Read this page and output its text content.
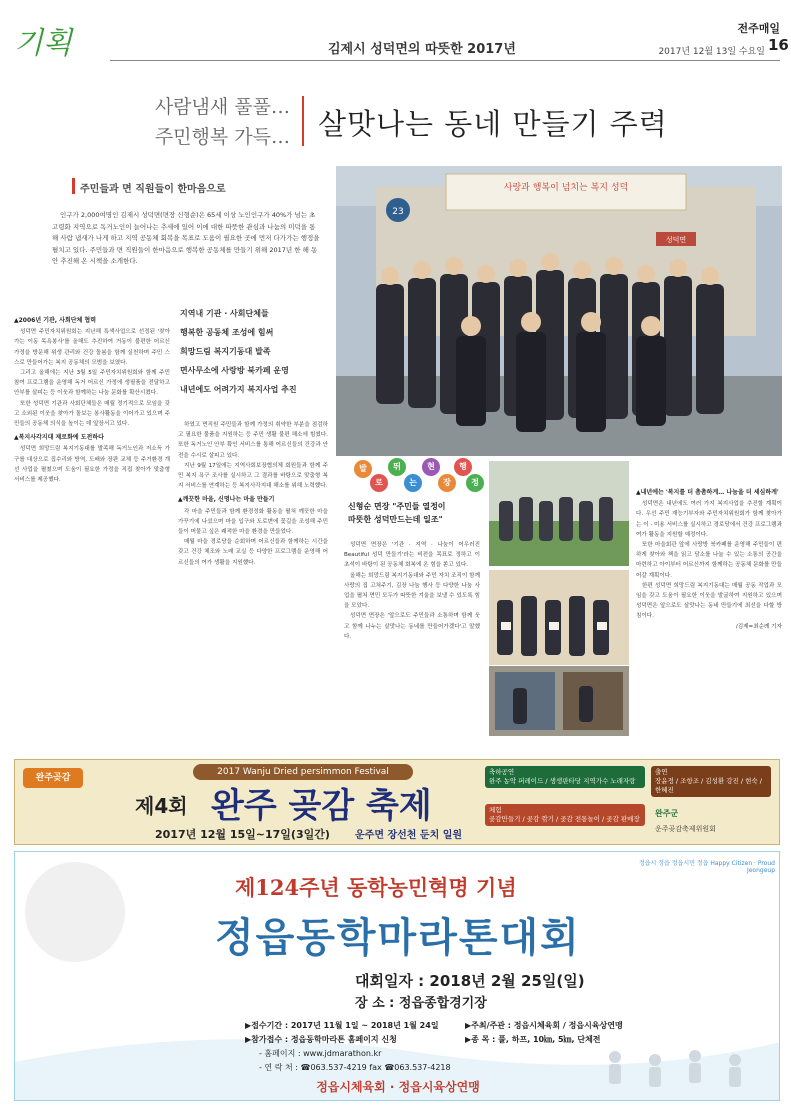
기획	김제시 성덕면의 따뜻한 2017년
전주매일
2017년 12월 13일 수요일 16
사람냄새 풀풀…
주민행복 가득… 살맛나는 동네 만들기 주력
주민들과 면 직원들이 한마음으로
인구가 2,000여명인 김제시 성덕면(면장 신형순)은 65세 이상 노인인구가 40%가 넘는 초고령화 지역으로 독거노인이 늘어나는 추세에 있어 이에 대한 따뜻한 관심과 나눔의 미덕을 통해 사람 냄새가 나게 하고 지역 공동체 회복을 목표로 도움이 필요한 곳에 먼저 다가가는 행정을 펼치고 있다. 주민들과 면 직원들이 한마음으로 행복한 공동체를 만들기 위해 2017년 한 해 동안 추진해 온 시책을 소개한다.
사랑과 행복이 넘치는 복지 성덕
성덕면
23
지역내 기관 · 사회단체들
행복한 공동체 조성에 힘써
희망드림 복지기동대 발족
면사무소에 사랑방 북카페 운영
내년에도 어려가지 복지사업 추진
▲2006년 기관, 사회단체 협력

성덕면 주민자치위원회는 지난해 특색사업으로 선정된 '찾아가는 이동 목욕봉사'를 올해도 추진하여 거동이 불편한 어르신 가정을 방문해 위생 관리와 건강 돌봄을 함께 실천하며 주민 스스로 만들어가는 복지 공동체의 모범을 보였다.

그리고 올해에는 지난 3월 5일 주민자치위원회와 함께 주민 참여 프로그램을 운영해 독거 어르신 가정에 생필품을 전달하고 안부를 살피는 등 이웃과 함께하는 나눔 문화를 확산시켰다.

또한 성덕면 기관과 사회단체들은 매월 정기적으로 모임을 갖고 소외된 이웃을 찾아가 돌보는 봉사활동을 이어가고 있으며 주민들의 공동체 의식을 높이는 데 앞장서고 있다.

▲복지사각지대 제로화에 도전하다

성덕면 희망드림 복지기동대를 발족해 독거노인과 저소득 가구를 대상으로 집수리와 방역, 도배와 장판 교체 등 주거환경 개선 사업을 펼쳤으며 도움이 필요한 가정을 직접 찾아가 맞춤형 서비스를 제공했다.

하였고 면직원 주민들과 함께 가정의 취약한 부분을 점검하고 필요한 물품을 지원하는 등 주민 생활 불편 해소에 힘썼다. 또한 독거노인 안부 확인 서비스를 통해 어르신들의 건강과 안전을 수시로 살피고 있다.

지난 9월 17일에는 지역사회보장협의체 회원들과 함께 주민 복지 욕구 조사를 실시하고 그 결과를 바탕으로 맞춤형 복지 서비스를 연계하는 등 복지사각지대 해소를 위해 노력했다.

▲깨끗한 마을, 신명나는 마을 만들기

각 마을 주민들과 함께 환경정화 활동을 펼쳐 깨끗한 마을 가꾸기에 나섰으며 마을 입구와 도로변에 꽃길을 조성해 주민들이 머물고 싶은 쾌적한 마을 환경을 만들었다.

매월 마을 경로당을 순회하며 어르신들과 함께하는 시간을 갖고 건강 체조와 노래 교실 등 다양한 프로그램을 운영해 어르신들의 여가 생활을 지원했다.

발
로
뛰
는
현
장
행
정
신형순 면장 "주민들 열정이
따뜻한 성덕만드는데 일조"

성덕면 면장은 '기관 · 지역 · 나눔이 어우러진 Beautiful 성덕 만들기'라는 비전을 목표로 정하고 이 초석이 바탕이 된 공동체 회복에 온 힘을 쏟고 있다.

올해는 희망드림 복지기동대와 주민 자치 조직이 함께 사랑의 집 고쳐주기, 김장 나눔 행사 등 다양한 나눔 사업을 펼쳐 면민 모두가 따뜻한 겨울을 보낼 수 있도록 힘을 모았다.

성덕면 면장은 '앞으로도 주민들과 소통하며 함께 웃고 함께 나누는 살맛나는 동네를 만들어가겠다'고 말했다.

▲내년에는 '복지를 더 촘촘하게… 나눔을 더 세심하게'

성덕면은 내년에도 여러 가지 복지사업을 추진할 계획이다. 우선 주민 재능기부자와 주민자치위원회가 함께 찾아가는 이 · 미용 서비스를 실시하고 경로당에서 건강 프로그램과 여가 활동을 지원할 예정이다.

또한 마을회관 앞에 사랑방 북카페를 운영해 주민들이 편하게 찾아와 책을 읽고 담소를 나눌 수 있는 소통의 공간을 마련하고 아이부터 어르신까지 함께하는 공동체 문화를 만들어갈 계획이다.

한편 성덕면 희망드림 복지기동대는 매월 공동 작업과 모임을 갖고 도움이 필요한 이웃을 발굴하여 지원하고 있으며 성덕면은 앞으로도 살맛나는 동네 만들기에 최선을 다할 방침이다.

/김제=최순례 기자

완주곶감
2017 Wanju Dried persimmon Festival
제4회 완주 곶감 축제
2017년 12월 15일~17일(3일간)	운주면 장선천 둔치 일원
축하공연
완주 농악 퍼레이드 / 생생판타당 지역가수 노래자랑
출연
장윤정 / 조항조 / 김성환 강진 / 현숙 / 한혜진
체험
곶감만들기 / 곶감 깎기 / 곶감 전통놀이 / 곶감 판매장
완주군
운주곶감축제위원회
정읍시 정읍 정읍시민 정읍 Happy Citizen · Proud Jeongeup
제124주년 동학농민혁명 기념
정읍동학마라톤대회
대회일자 : 2018년 2월 25일(일)
장 소 : 정읍종합경기장
▶접수기간 : 2017년 11월 1일 ~ 2018년 1월 24일
▶참가접수 : 정읍동학마라톤 홈페이지 신청
- 홈페이지 : www.jdmarathon.kr
- 연 락 처 : ☎063.537-4219 fax ☎063.537-4218
▶주최/주관 : 정읍시체육회 / 정읍시육상연맹
▶종 목 : 풀, 하프, 10㎞, 5㎞, 단체전
정읍시체육회 · 정읍시육상연맹
